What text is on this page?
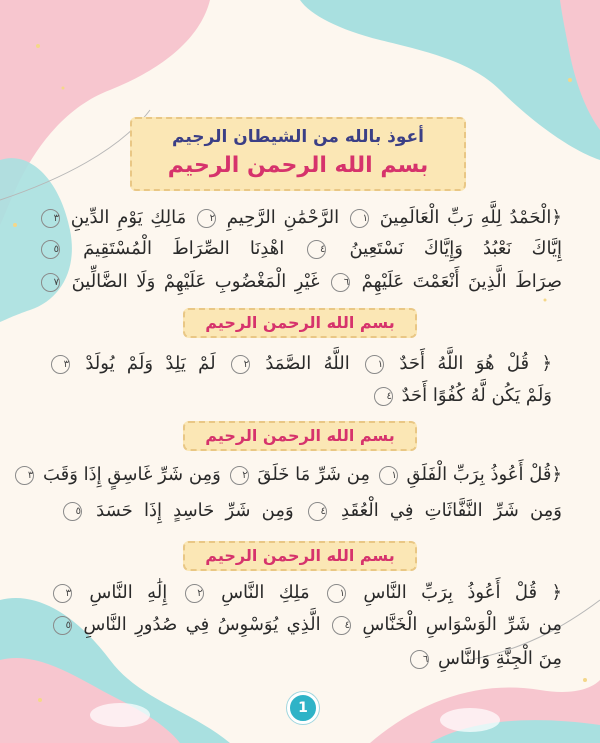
أعوذ بالله من الشيطان الرجيم
بسم الله الرحمن الرحيم
﴿الْحَمْدُ لِلَّهِ رَبِّ الْعَالَمِينَ ١ الرَّحْمَٰنِ الرَّحِيمِ ٢ مَالِكِ يَوْمِ الدِّينِ ٣
إِيَّاكَ نَعْبُدُ وَإِيَّاكَ نَسْتَعِينُ ٤ اهْدِنَا الصِّرَاطَ الْمُسْتَقِيمَ ٥
صِرَاطَ الَّذِينَ أَنْعَمْتَ عَلَيْهِمْ ٦ غَيْرِ الْمَغْضُوبِ عَلَيْهِمْ وَلَا الضَّالِّينَ ٧
بسم الله الرحمن الرحيم
﴿ قُلْ هُوَ اللَّهُ أَحَدٌ ١ اللَّهُ الصَّمَدُ ٢ لَمْ يَلِدْ وَلَمْ يُولَدْ ٣
وَلَمْ يَكُن لَّهُ كُفُوًا أَحَدٌ ٤
بسم الله الرحمن الرحيم
﴿قُلْ أَعُوذُ بِرَبِّ الْفَلَقِ ١ مِن شَرِّ مَا خَلَقَ ٢ وَمِن شَرِّ غَاسِقٍ إِذَا وَقَبَ ٣
وَمِن شَرِّ النَّفَّاثَاتِ فِي الْعُقَدِ ٤ وَمِن شَرِّ حَاسِدٍ إِذَا حَسَدَ ٥
بسم الله الرحمن الرحيم
﴿ قُلْ أَعُوذُ بِرَبِّ النَّاسِ ١ مَلِكِ النَّاسِ ٢ إِلَٰهِ النَّاسِ ٣
مِن شَرِّ الْوَسْوَاسِ الْخَنَّاسِ ٤ الَّذِي يُوَسْوِسُ فِي صُدُورِ النَّاسِ ٥
مِنَ الْجِنَّةِ وَالنَّاسِ ٦
1
